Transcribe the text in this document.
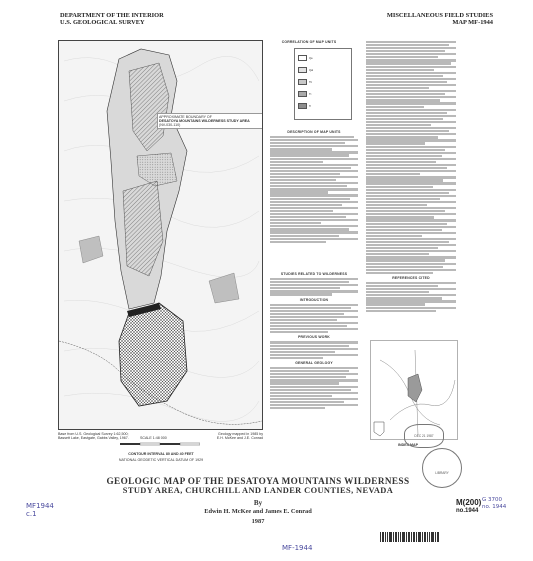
DEPARTMENT OF THE INTERIOR
U.S. GEOLOGICAL SURVEY
MISCELLANEOUS FIELD STUDIES
MAP MF-1944
APPROXIMATE BOUNDARY OF
DESATOYA MOUNTAINS WILDERNESS STUDY AREA
(NV-030-110)
Base from U.S. Geological Survey 1:62,500;
Bassett Lake, Eastgate, Gabbs Valley, 1967.
Geology mapped in 1985 by
E.H. McKee and J.E. Conrad
SCALE 1:48 000
CONTOUR INTERVAL 80 AND 40 FEET
NATIONAL GEODETIC VERTICAL DATUM OF 1929
CORRELATION OF MAP UNITS
Qa
Qal
Tb
Tt
Ti
DESCRIPTION OF MAP UNITS
STUDIES RELATED TO WILDERNESS
INTRODUCTION
PREVIOUS WORK
GENERAL GEOLOGY
REFERENCES CITED
INDEX MAP
MF1944
c.1
GEOLOGIC MAP OF THE DESATOYA MOUNTAINS WILDERNESS
STUDY AREA, CHURCHILL AND LANDER COUNTIES, NEVADA
By
Edwin H. McKee and James E. Conrad
1987
MF-1944
DEC 21 1987
LIBRARY
M(200)
no.1944
G 3700
no. 1944
